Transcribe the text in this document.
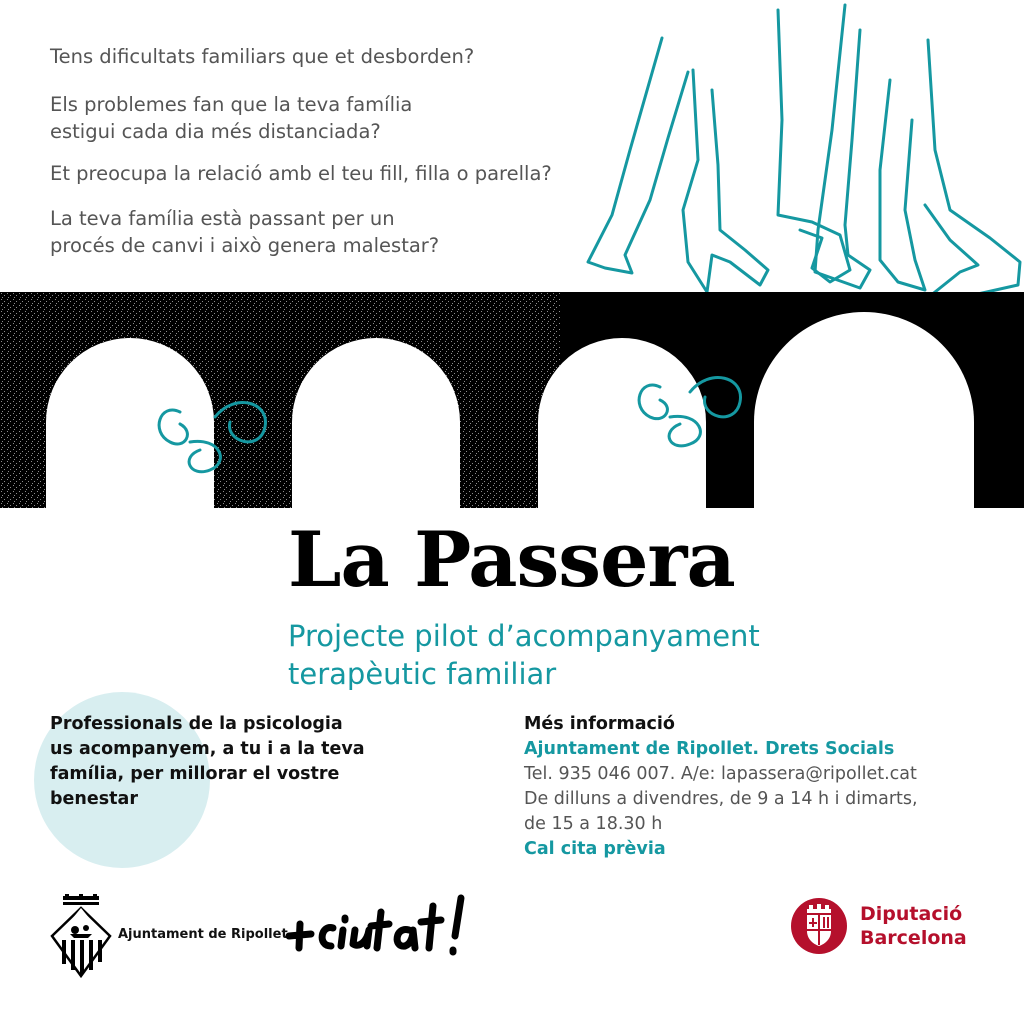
Tens dificultats familiars que et desborden?
Els problemes fan que la teva família
estigui cada dia més distanciada?
Et preocupa la relació amb el teu fill, filla o parella?
La teva família està passant per un
procés de canvi i això genera malestar?
La Passera
Projecte pilot d’acompanyament
terapèutic familiar
Professionals de la psicologia
us acompanyem, a tu i a la teva
família, per millorar el vostre
benestar
Més informació
Ajuntament de Ripollet. Drets Socials
Tel. 935 046 007. A/e: lapassera@ripollet.cat
De dilluns a divendres, de 9 a 14 h i dimarts,
de 15 a 18.30 h
Cal cita prèvia
Ajuntament de Ripollet
Diputació
Barcelona
